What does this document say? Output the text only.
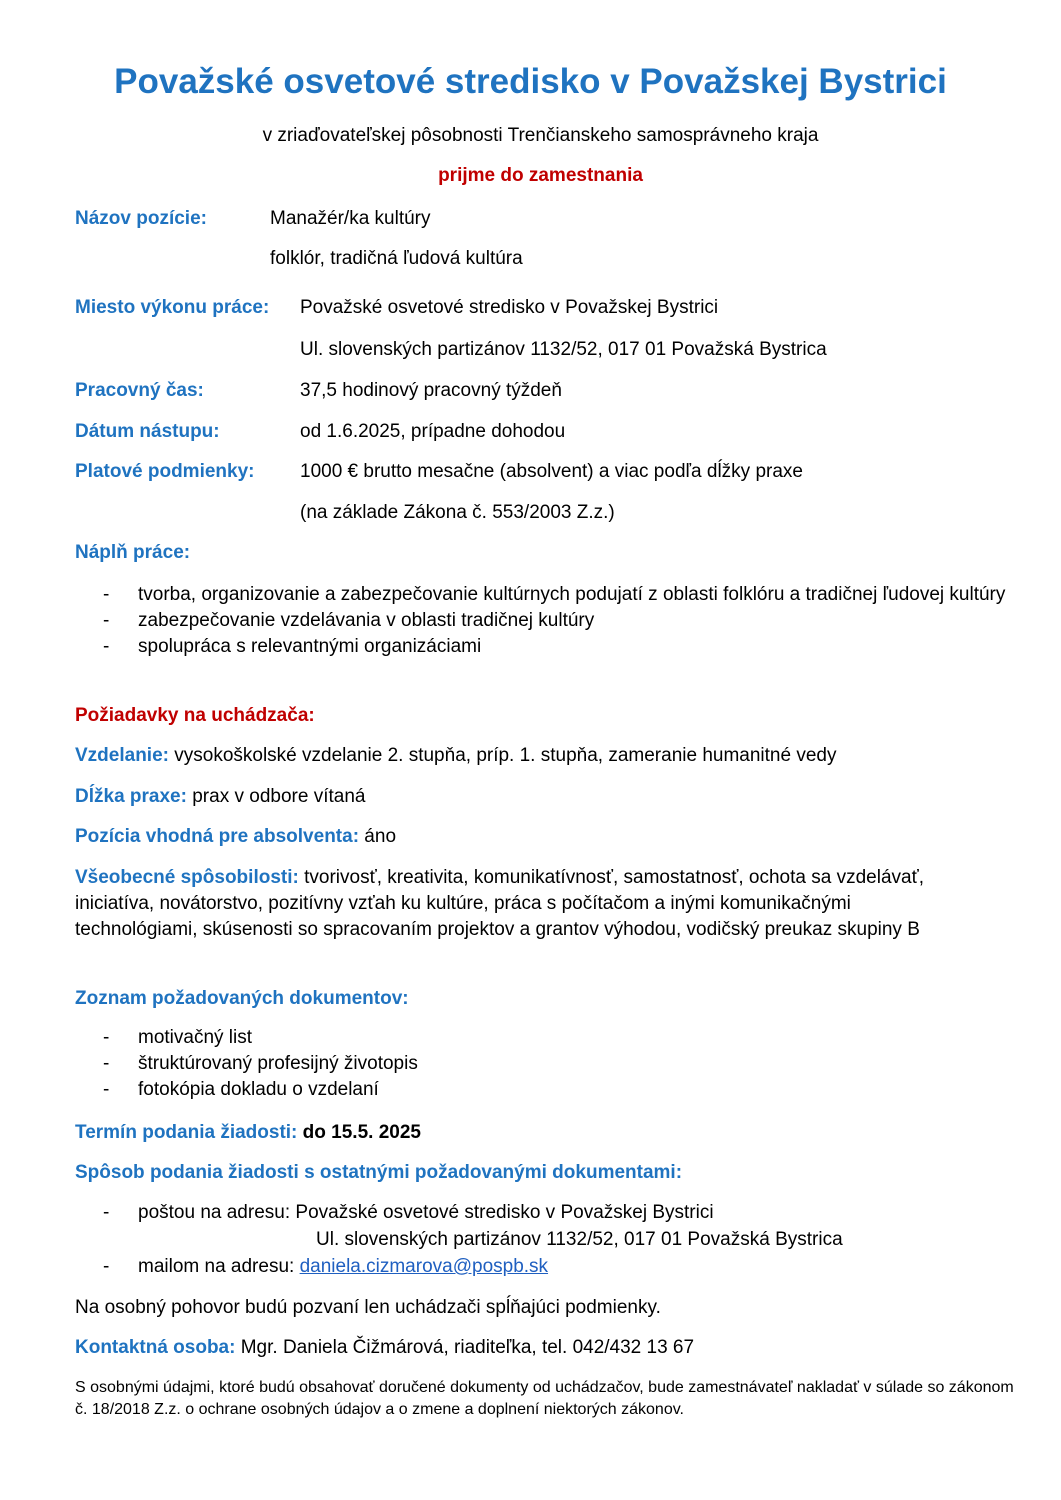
Považské osvetové stredisko v Považskej Bystrici
v zriaďovateľskej pôsobnosti Trenčianskeho samosprávneho kraja
prijme do zamestnania
Názov pozície:	Manažér/ka kultúry
folklór, tradičná ľudová kultúra
Miesto výkonu práce: Považské osvetové stredisko v Považskej Bystrici
Ul. slovenských partizánov 1132/52, 017 01 Považská Bystrica
Pracovný čas:	37,5 hodinový pracovný týždeň
Dátum nástupu:	od 1.6.2025, prípadne dohodou
Platové podmienky: 1000 € brutto mesačne (absolvent) a viac podľa dĺžky praxe
(na základe Zákona č. 553/2003 Z.z.)
Náplň práce:
- tvorba, organizovanie a zabezpečovanie kultúrnych podujatí z oblasti folklóru a tradičnej ľudovej kultúry
- zabezpečovanie vzdelávania v oblasti tradičnej kultúry
- spolupráca s relevantnými organizáciami
Požiadavky na uchádzača:
Vzdelanie: vysokoškolské vzdelanie 2. stupňa, príp. 1. stupňa, zameranie humanitné vedy
Dĺžka praxe: prax v odbore vítaná
Pozícia vhodná pre absolventa: áno
Všeobecné spôsobilosti: tvorivosť, kreativita, komunikatívnosť, samostatnosť, ochota sa vzdelávať, iniciatíva, novátorstvo, pozitívny vzťah ku kultúre, práca s počítačom a inými komunikačnými technológiami, skúsenosti so spracovaním projektov a grantov výhodou, vodičský preukaz skupiny B
Zoznam požadovaných dokumentov:
- motivačný list
- štruktúrovaný profesijný životopis
- fotokópia dokladu o vzdelaní
Termín podania žiadosti: do 15.5. 2025
Spôsob podania žiadosti s ostatnými požadovanými dokumentami:
- poštou na adresu: Považské osvetové stredisko v Považskej Bystrici
Ul. slovenských partizánov 1132/52, 017 01 Považská Bystrica
- mailom na adresu: daniela.cizmarova@pospb.sk
Na osobný pohovor budú pozvaní len uchádzači spĺňajúci podmienky.
Kontaktná osoba: Mgr. Daniela Čižmárová, riaditeľka, tel. 042/432 13 67
S osobnými údajmi, ktoré budú obsahovať doručené dokumenty od uchádzačov, bude zamestnávateľ nakladať v súlade so zákonom č. 18/2018 Z.z. o ochrane osobných údajov a o zmene a doplnení niektorých zákonov.
